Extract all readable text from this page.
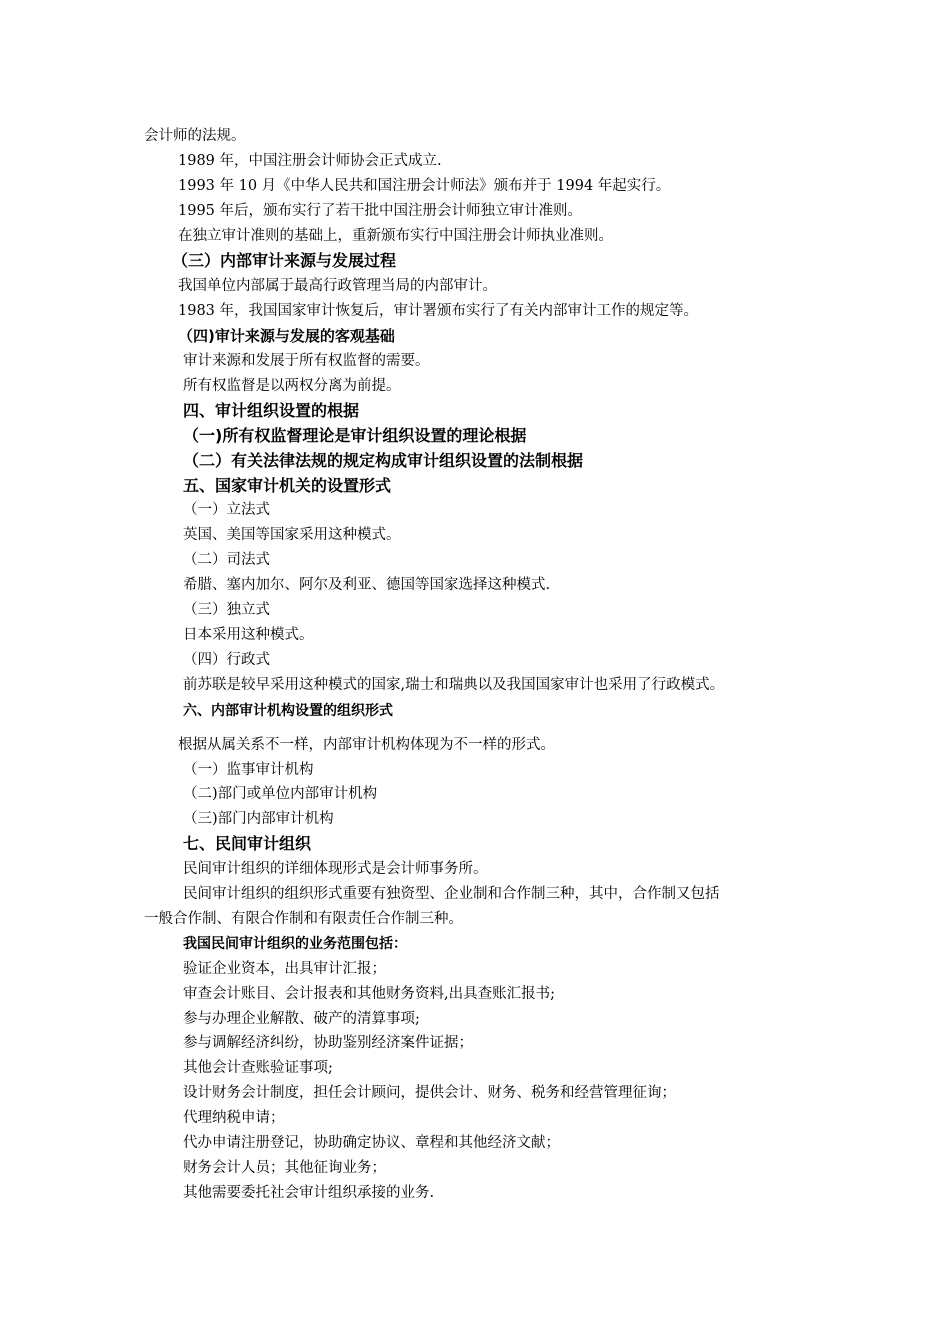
会计师的法规。
1989 年，中国注册会计师协会正式成立.
1993 年 10 月《中华人民共和国注册会计师法》颁布并于 1994 年起实行。
1995 年后，颁布实行了若干批中国注册会计师独立审计准则。
在独立审计准则的基础上，重新颁布实行中国注册会计师执业准则。
（三）内部审计来源与发展过程
我国单位内部属于最高行政管理当局的内部审计。
1983 年，我国国家审计恢复后，审计署颁布实行了有关内部审计工作的规定等。
（四)审计来源与发展的客观基础
审计来源和发展于所有权监督的需要。
所有权监督是以两权分离为前提。
四、审计组织设置的根据
（一)所有权监督理论是审计组织设置的理论根据
（二）有关法律法规的规定构成审计组织设置的法制根据
五、国家审计机关的设置形式
（一）立法式
英国、美国等国家采用这种模式。
（二）司法式
希腊、塞内加尔、阿尔及利亚、德国等国家选择这种模式.
（三）独立式
日本采用这种模式。
（四）行政式
前苏联是较早采用这种模式的国家,瑞士和瑞典以及我国国家审计也采用了行政模式。
六、内部审计机构设置的组织形式
根据从属关系不一样，内部审计机构体现为不一样的形式。
（一）监事审计机构
（二)部门或单位内部审计机构
（三)部门内部审计机构
七、民间审计组织
民间审计组织的详细体现形式是会计师事务所。
民间审计组织的组织形式重要有独资型、企业制和合作制三种，其中，合作制又包括
一般合作制、有限合作制和有限责任合作制三种。
我国民间审计组织的业务范围包括：
验证企业资本，出具审计汇报；
审查会计账目、会计报表和其他财务资料,出具查账汇报书;
参与办理企业解散、破产的清算事项;
参与调解经济纠纷，协助鉴别经济案件证据；
其他会计查账验证事项;
设计财务会计制度，担任会计顾问，提供会计、财务、税务和经营管理征询；
代理纳税申请；
代办申请注册登记，协助确定协议、章程和其他经济文献；
财务会计人员；其他征询业务；
其他需要委托社会审计组织承接的业务.
